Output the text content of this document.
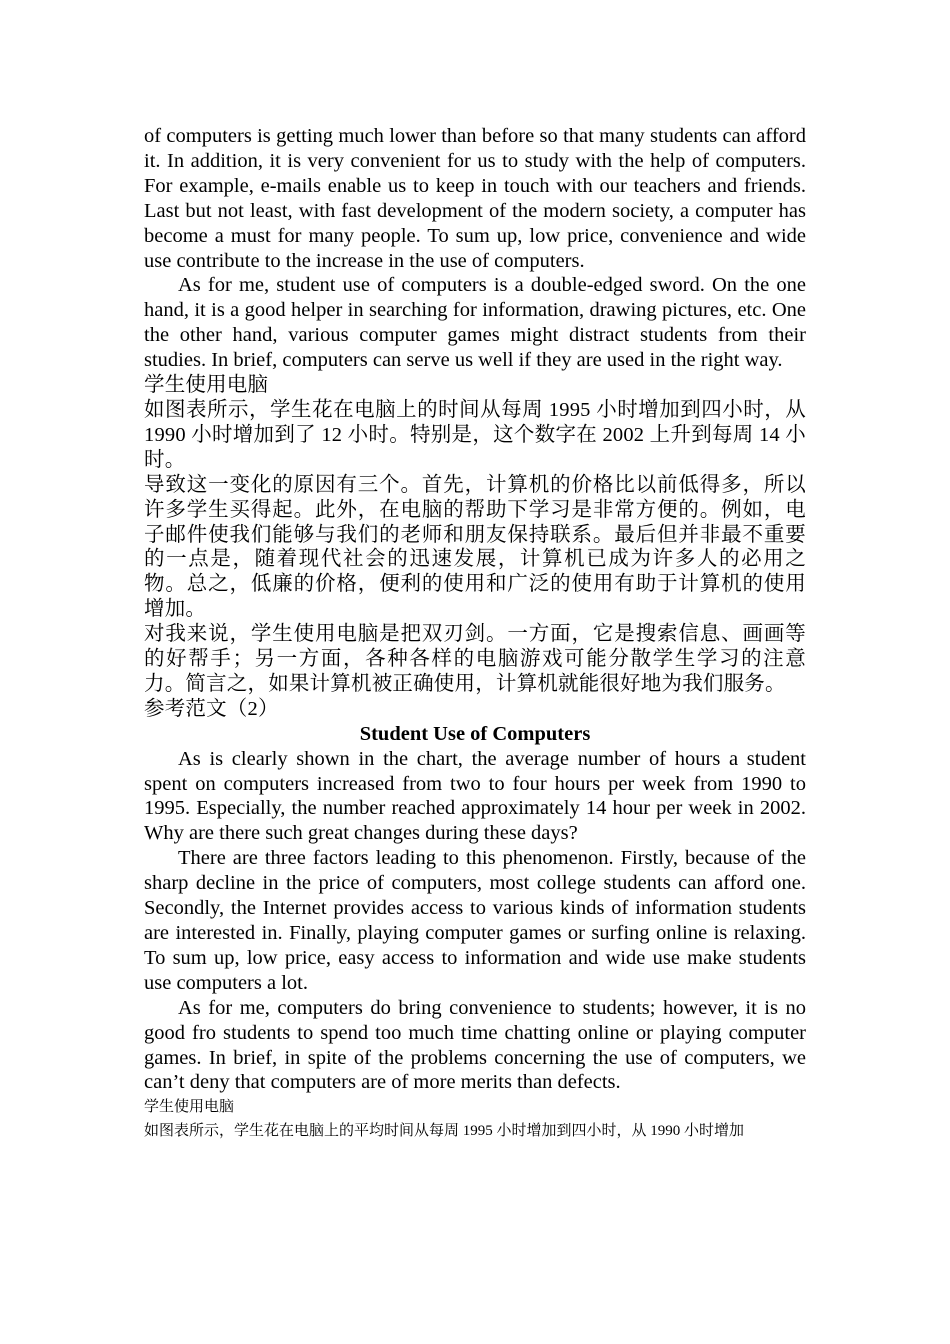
of computers is getting much lower than before so that many students can afford it. In addition, it is very convenient for us to study with the help of computers. For example, e-mails enable us to keep in touch with our teachers and friends. Last but not least, with fast development of the modern society, a computer has become a must for many people. To sum up, low price, convenience and wide use contribute to the increase in the use of computers.

As for me, student use of computers is a double-edged sword. On the one hand, it is a good helper in searching for information, drawing pictures, etc. One the other hand, various computer games might distract students from their studies. In brief, computers can serve us well if they are used in the right way.

学生使用电脑

如图表所示，学生花在电脑上的时间从每周 1995 小时增加到四小时，从 1990 小时增加到了 12 小时。特别是，这个数字在 2002 上升到每周 14 小时。

导致这一变化的原因有三个。首先，计算机的价格比以前低得多，所以许多学生买得起。此外，在电脑的帮助下学习是非常方便的。例如，电子邮件使我们能够与我们的老师和朋友保持联系。最后但并非最不重要的一点是，随着现代社会的迅速发展，计算机已成为许多人的必用之物。总之，低廉的价格，便利的使用和广泛的使用有助于计算机的使用增加。

对我来说，学生使用电脑是把双刃剑。一方面，它是搜索信息、画画等的好帮手；另一方面，各种各样的电脑游戏可能分散学生学习的注意力。简言之，如果计算机被正确使用，计算机就能很好地为我们服务。

参考范文（2）

Student Use of Computers

As is clearly shown in the chart, the average number of hours a student spent on computers increased from two to four hours per week from 1990 to 1995. Especially, the number reached approximately 14 hour per week in 2002. Why are there such great changes during these days?

There are three factors leading to this phenomenon. Firstly, because of the sharp decline in the price of computers, most college students can afford one. Secondly, the Internet provides access to various kinds of information students are interested in. Finally, playing computer games or surfing online is relaxing. To sum up, low price, easy access to information and wide use make students use computers a lot.

As for me, computers do bring convenience to students; however, it is no good fro students to spend too much time chatting online or playing computer games. In brief, in spite of the problems concerning the use of computers, we can’t deny that computers are of more merits than defects.

学生使用电脑

如图表所示，学生花在电脑上的平均时间从每周 1995 小时增加到四小时，从 1990 小时增加
